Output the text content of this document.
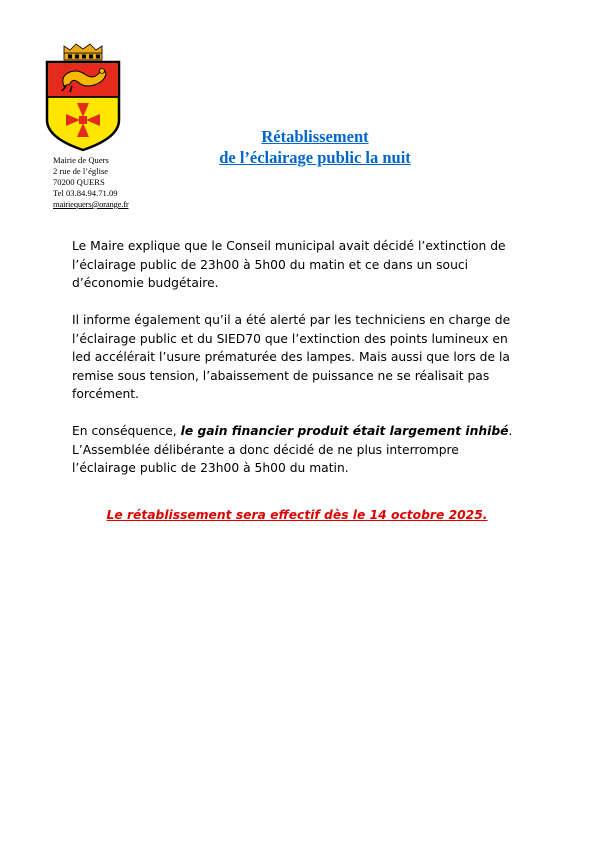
Mairie de Quers
2 rue de l’église
70200 QUERS
Tel 03.84.94.71.09
mairiequers@orange.fr
Rétablissement
de l’éclairage public la nuit

Le Maire explique que le Conseil municipal avait décidé l’extinction de l’éclairage public de 23h00 à 5h00 du matin et ce dans un souci d’économie budgétaire.

Il informe également qu’il a été alerté par les techniciens en charge de l’éclairage public et du SIED70 que l’extinction des points lumineux en led accélérait l’usure prématurée des lampes. Mais aussi que lors de la remise sous tension, l’abaissement de puissance ne se réalisait pas forcément.

En conséquence, le gain financier produit était largement inhibé. L’Assemblée délibérante a donc décidé de ne plus interrompre l’éclairage public de 23h00 à 5h00 du matin.

Le rétablissement sera effectif dès le 14 octobre 2025.
